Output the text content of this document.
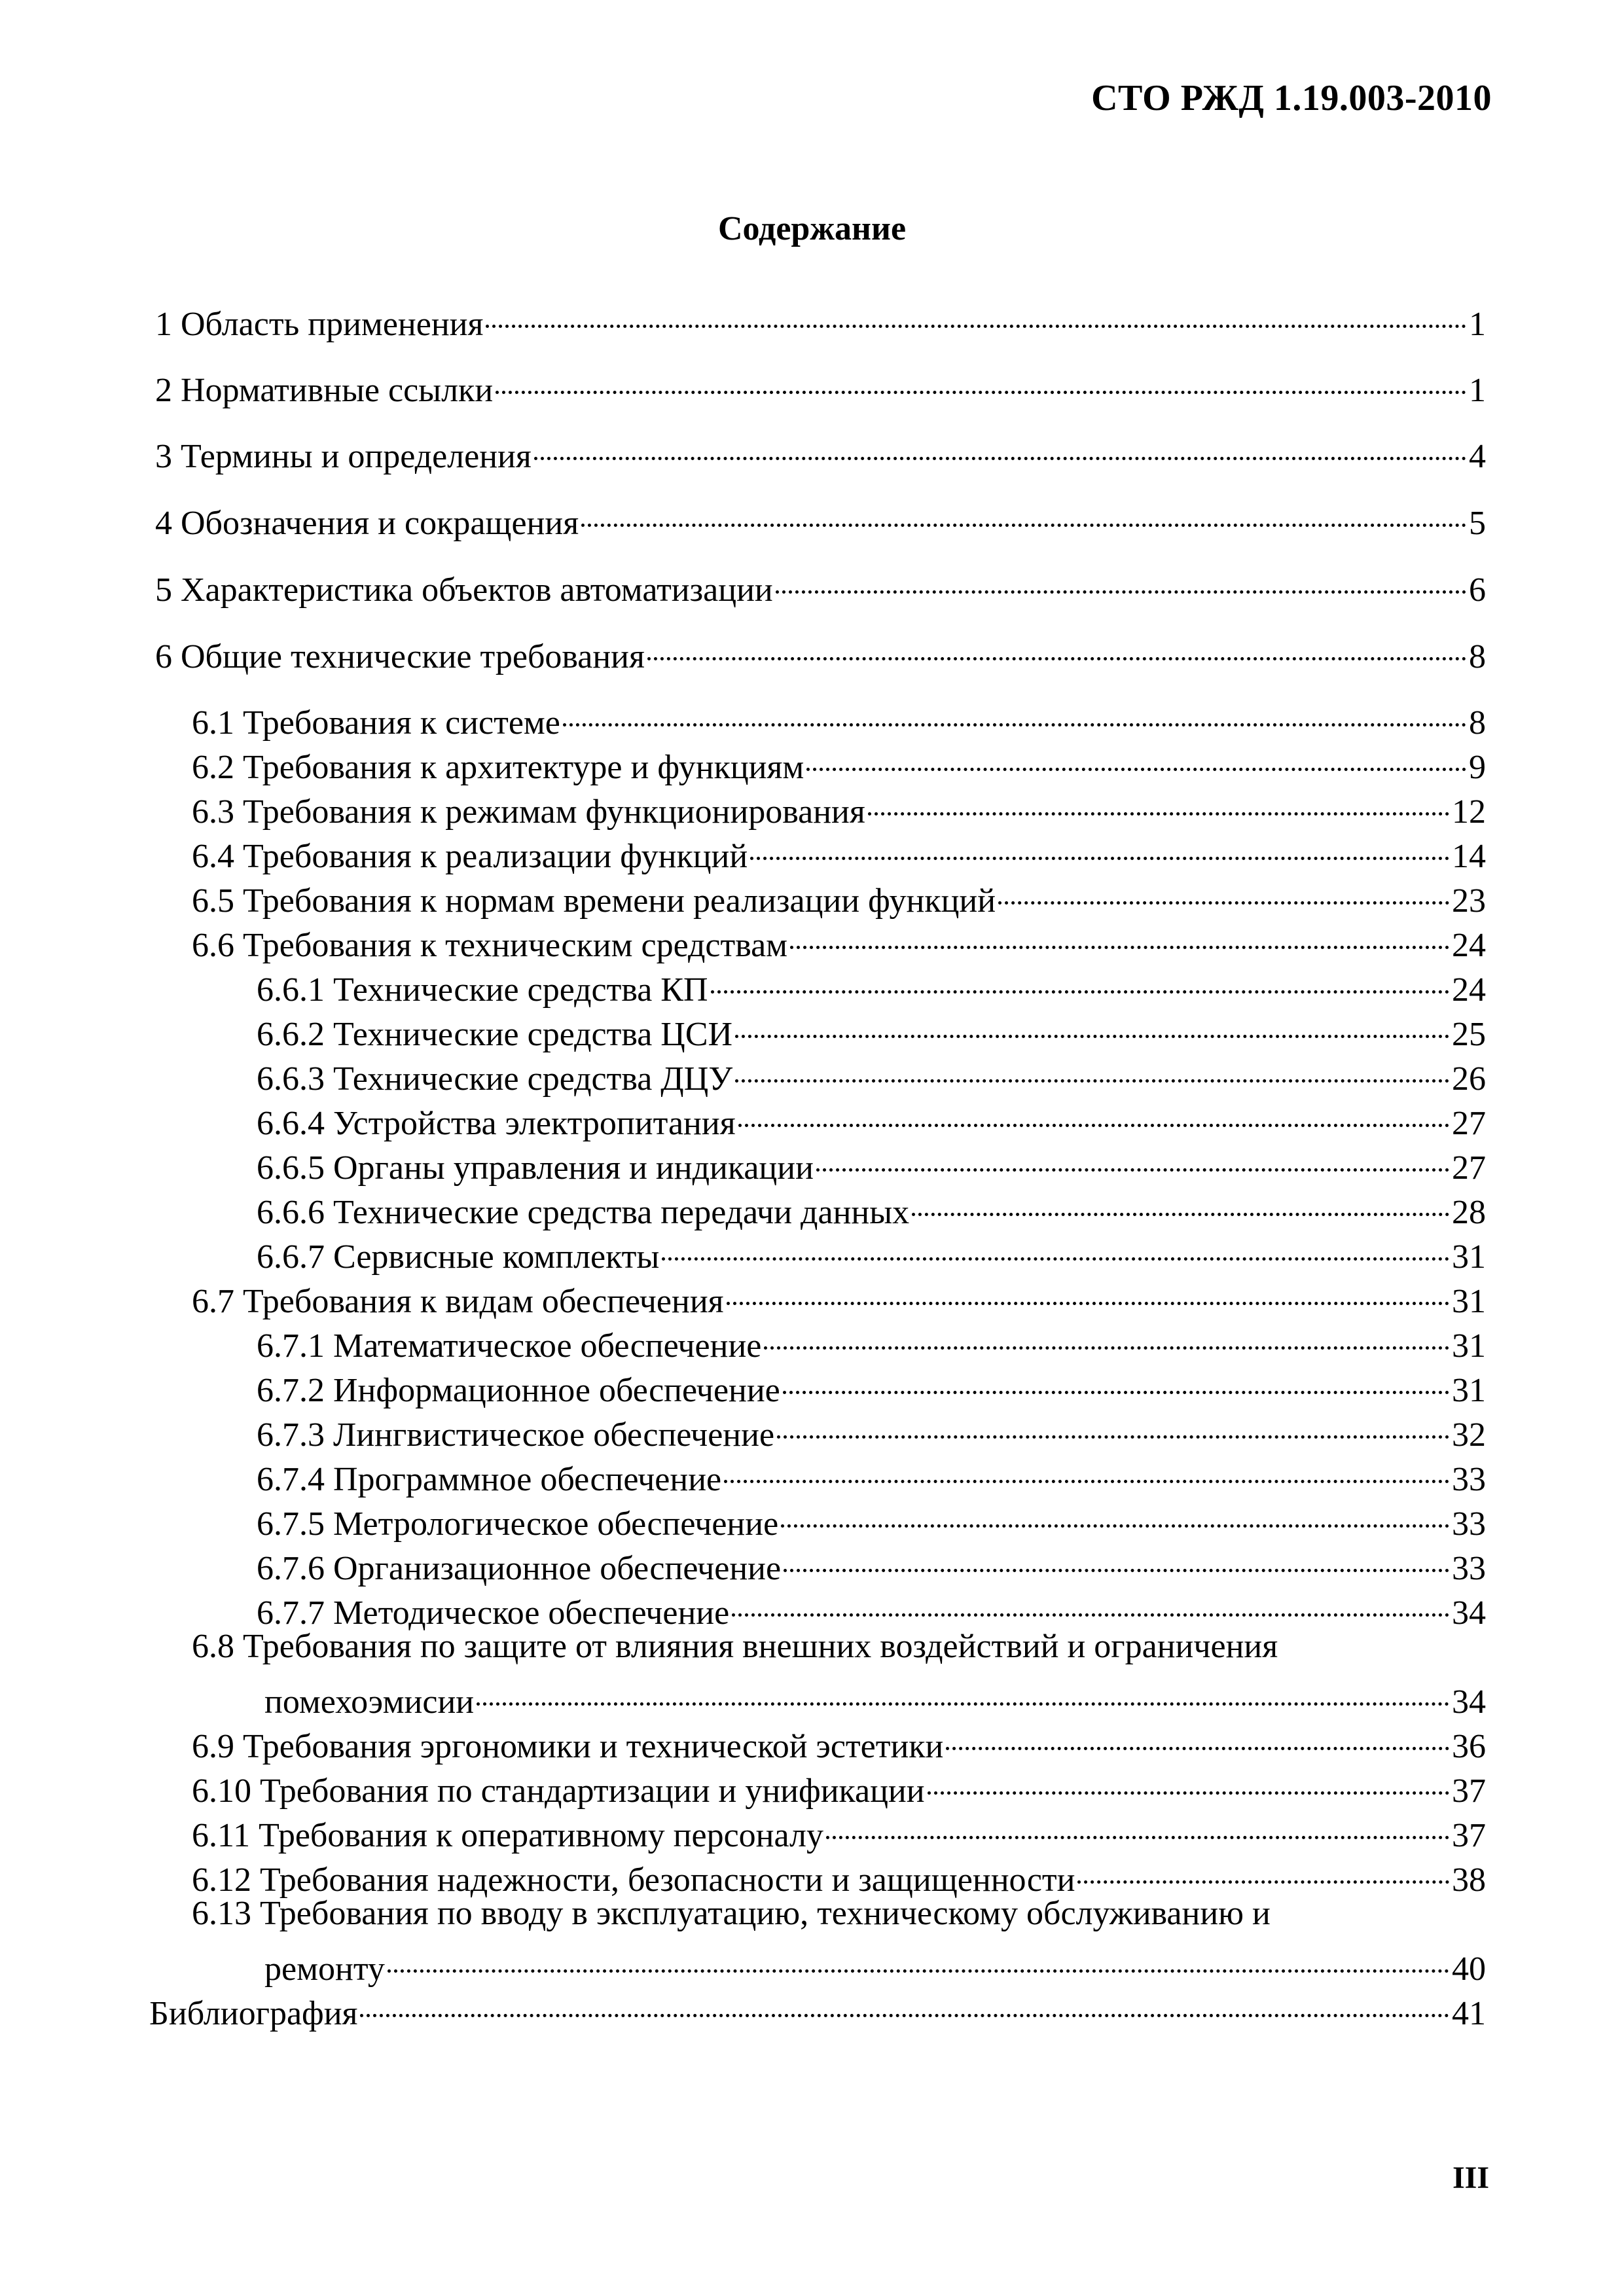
СТО РЖД 1.19.003-2010
Содержание
1 Область применения	1
2 Нормативные ссылки	1
3 Термины и определения	4
4 Обозначения и сокращения	5
5 Характеристика объектов автоматизации	6
6 Общие технические требования	8
6.1 Требования к системе	8
6.2 Требования к архитектуре и функциям	9
6.3 Требования к режимам функционирования	12
6.4 Требования к реализации функций	14
6.5 Требования к нормам времени реализации функций	23
6.6 Требования к техническим средствам	24
6.6.1 Технические средства КП	24
6.6.2 Технические средства ЦСИ	25
6.6.3 Технические средства ДЦУ	26
6.6.4 Устройства электропитания	27
6.6.5 Органы управления и индикации	27
6.6.6 Технические средства передачи данных	28
6.6.7 Сервисные комплекты	31
6.7 Требования к видам обеспечения	31
6.7.1 Математическое обеспечение	31
6.7.2 Информационное обеспечение	31
6.7.3 Лингвистическое обеспечение	32
6.7.4 Программное обеспечение	33
6.7.5 Метрологическое обеспечение	33
6.7.6 Организационное обеспечение	33
6.7.7 Методическое обеспечение	34
6.8 Требования по защите от влияния внешних воздействий и ограничения
помехоэмисии	34
6.9 Требования эргономики и технической эстетики	36
6.10 Требования по стандартизации и унификации	37
6.11 Требования к оперативному персоналу	37
6.12 Требования надежности, безопасности и защищенности	38
6.13 Требования по вводу в эксплуатацию, техническому обслуживанию и
ремонту	40
Библиография	41
III
